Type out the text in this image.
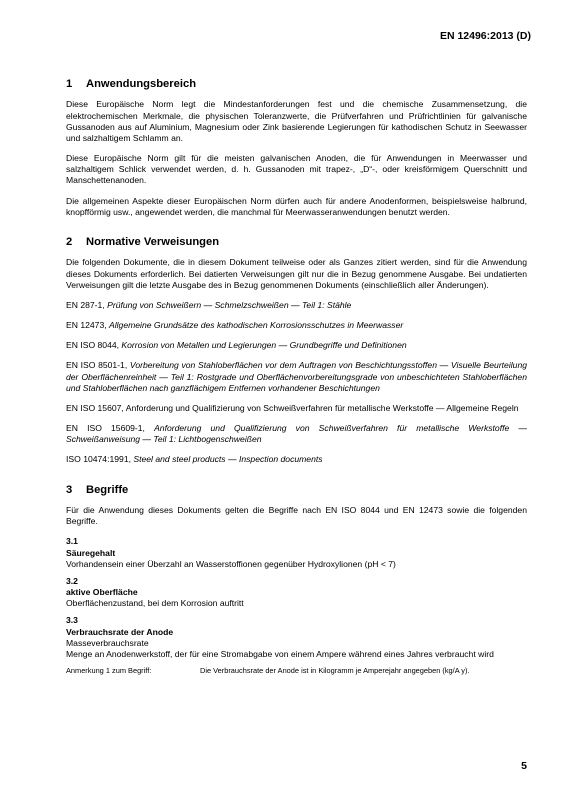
EN 12496:2013 (D)
1 Anwendungsbereich

Diese Europäische Norm legt die Mindestanforderungen fest und die chemische Zusammensetzung, die elektrochemischen Merkmale, die physischen Toleranzwerte, die Prüfverfahren und Prüfrichtlinien für galvanische Gussanoden aus auf Aluminium, Magnesium oder Zink basierende Legierungen für kathodischen Schutz in Seewasser und salzhaltigem Schlamm an.

Diese Europäische Norm gilt für die meisten galvanischen Anoden, die für Anwendungen in Meerwasser und salzhaltigem Schlick verwendet werden, d. h. Gussanoden mit trapez-, „D“-, oder kreisförmigem Querschnitt und Manschettenanoden.

Die allgemeinen Aspekte dieser Europäischen Norm dürfen auch für andere Anodenformen, beispielsweise halbrund, knopfförmig usw., angewendet werden, die manchmal für Meerwasseranwendungen benutzt werden.

2 Normative Verweisungen

Die folgenden Dokumente, die in diesem Dokument teilweise oder als Ganzes zitiert werden, sind für die Anwendung dieses Dokuments erforderlich. Bei datierten Verweisungen gilt nur die in Bezug genommene Ausgabe. Bei undatierten Verweisungen gilt die letzte Ausgabe des in Bezug genommenen Dokuments (einschließlich aller Änderungen).

EN 287-1, Prüfung von Schweißern — Schmelzschweißen — Teil 1: Stähle

EN 12473, Allgemeine Grundsätze des kathodischen Korrosionsschutzes in Meerwasser

EN ISO 8044, Korrosion von Metallen und Legierungen — Grundbegriffe und Definitionen

EN ISO 8501-1, Vorbereitung von Stahloberflächen vor dem Auftragen von Beschichtungsstoffen — Visuelle Beurteilung der Oberflächenreinheit — Teil 1: Rostgrade und Oberflächenvorbereitungsgrade von unbeschichteten Stahloberflächen und Stahloberflächen nach ganzflächigem Entfernen vorhandener Beschichtungen

EN ISO 15607, Anforderung und Qualifizierung von Schweißverfahren für metallische Werkstoffe — Allgemeine Regeln

EN ISO 15609-1, Anforderung und Qualifizierung von Schweißverfahren für metallische Werkstoffe — Schweißanweisung — Teil 1: Lichtbogenschweißen

ISO 10474:1991, Steel and steel products — Inspection documents

3 Begriffe

Für die Anwendung dieses Dokuments gelten die Begriffe nach EN ISO 8044 und EN 12473 sowie die folgenden Begriffe.

3.1
Säuregehalt
Vorhandensein einer Überzahl an Wasserstoffionen gegenüber Hydroxylionen (pH < 7)
3.2
aktive Oberfläche
Oberflächenzustand, bei dem Korrosion auftritt
3.3
Verbrauchsrate der Anode
Masseverbrauchsrate
Menge an Anodenwerkstoff, der für eine Stromabgabe von einem Ampere während eines Jahres verbraucht wird
Anmerkung 1 zum Begriff:	Die Verbrauchsrate der Anode ist in Kilogramm je Amperejahr angegeben (kg/A y).
5
